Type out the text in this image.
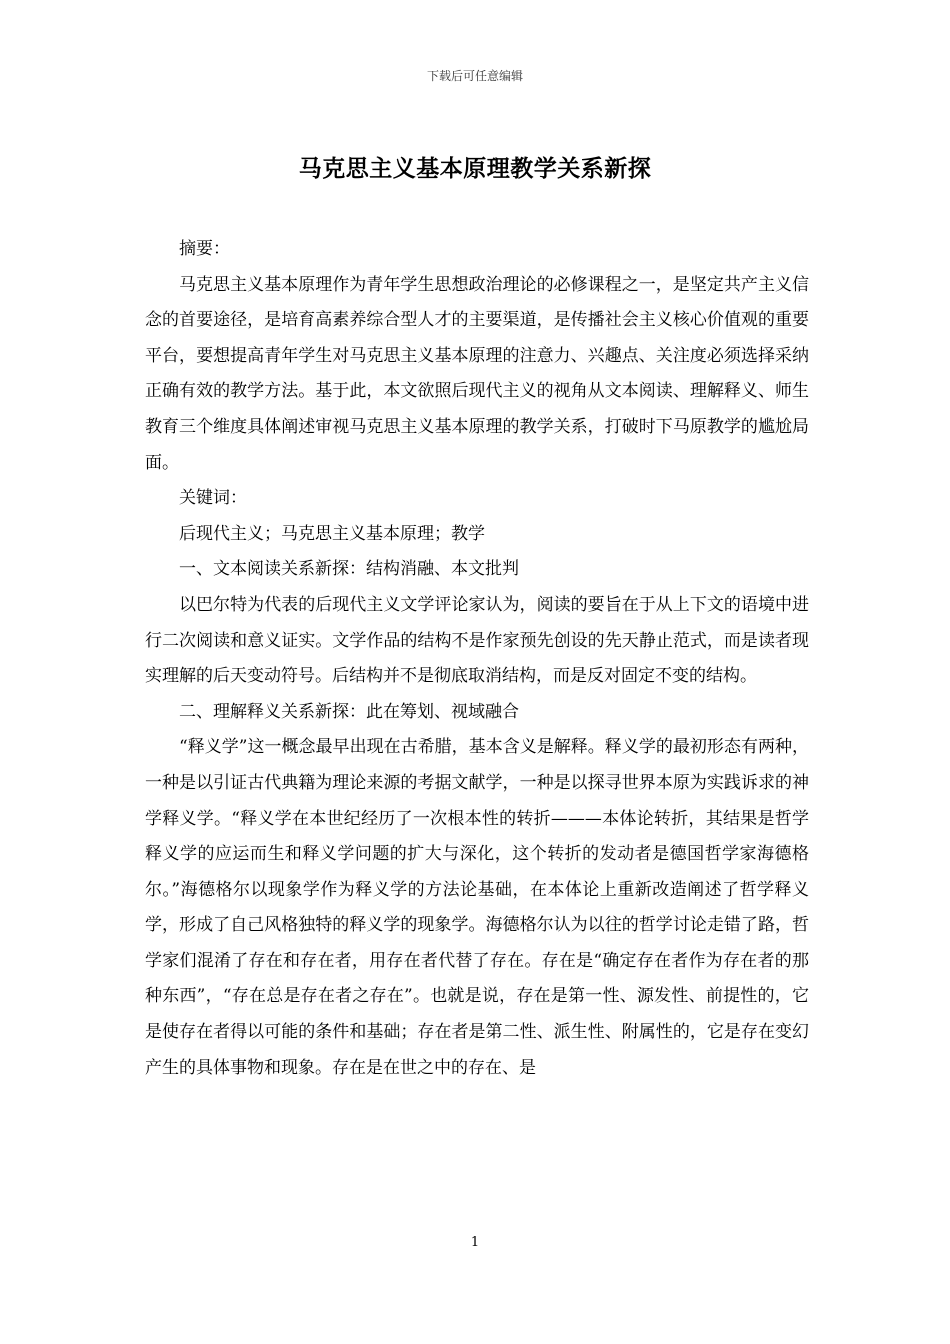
下载后可任意编辑
马克思主义基本原理教学关系新探

摘要：

马克思主义基本原理作为青年学生思想政治理论的必修课程之一，是坚定共产主义信念的首要途径，是培育高素养综合型人才的主要渠道，是传播社会主义核心价值观的重要平台，要想提高青年学生对马克思主义基本原理的注意力、兴趣点、关注度必须选择采纳正确有效的教学方法。基于此，本文欲照后现代主义的视角从文本阅读、理解释义、师生教育三个维度具体阐述审视马克思主义基本原理的教学关系，打破时下马原教学的尴尬局面。

关键词：

后现代主义；马克思主义基本原理；教学

一、文本阅读关系新探：结构消融、本文批判

以巴尔特为代表的后现代主义文学评论家认为，阅读的要旨在于从上下文的语境中进行二次阅读和意义证实。文学作品的结构不是作家预先创设的先天静止范式，而是读者现实理解的后天变动符号。后结构并不是彻底取消结构，而是反对固定不变的结构。

二、理解释义关系新探：此在筹划、视域融合

“释义学”这一概念最早出现在古希腊，基本含义是解释。释义学的最初形态有两种，一种是以引证古代典籍为理论来源的考据文献学，一种是以探寻世界本原为实践诉求的神学释义学。“释义学在本世纪经历了一次根本性的转折———本体论转折，其结果是哲学释义学的应运而生和释义学问题的扩大与深化，这个转折的发动者是德国哲学家海德格尔。”海德格尔以现象学作为释义学的方法论基础，在本体论上重新改造阐述了哲学释义学，形成了自己风格独特的释义学的现象学。海德格尔认为以往的哲学讨论走错了路，哲学家们混淆了存在和存在者，用存在者代替了存在。存在是“确定存在者作为存在者的那种东西”，“存在总是存在者之存在”。也就是说，存在是第一性、源发性、前提性的，它是使存在者得以可能的条件和基础；存在者是第二性、派生性、附属性的，它是存在变幻产生的具体事物和现象。存在是在世之中的存在、是

1
